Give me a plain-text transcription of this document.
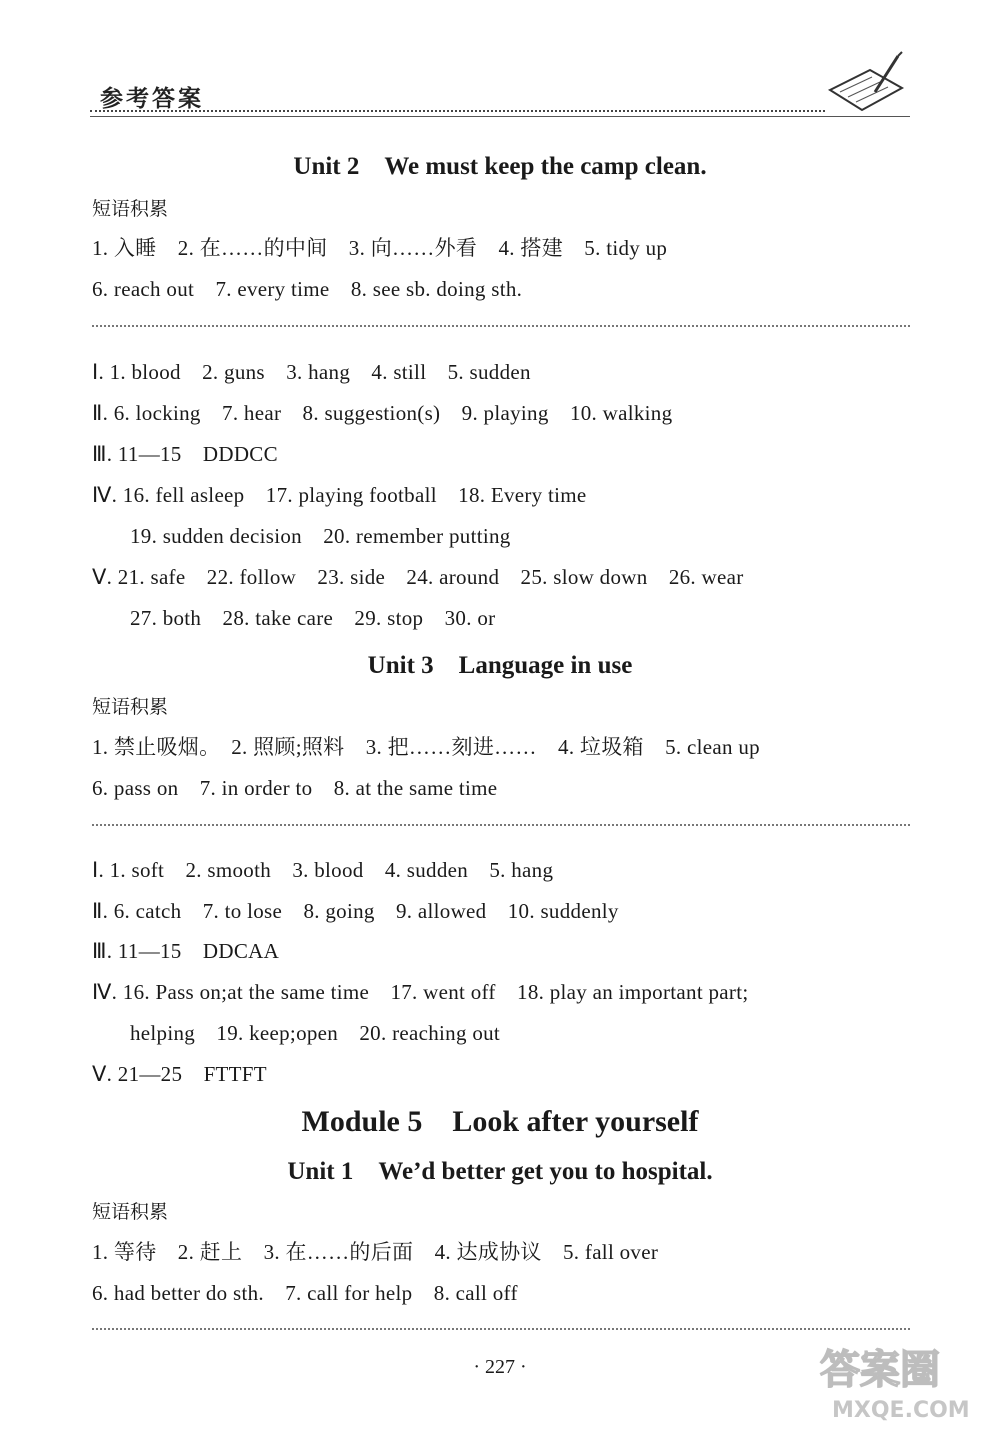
参考答案
Unit 2　We must keep the camp clean.
短语积累
1. 入睡　2. 在……的中间　3. 向……外看　4. 搭建　5. tidy up
6. reach out　7. every time　8. see sb. doing sth.
Ⅰ. 1. blood　2. guns　3. hang　4. still　5. sudden
Ⅱ. 6. locking　7. hear　8. suggestion(s)　9. playing　10. walking
Ⅲ. 11—15　DDDCC
Ⅳ. 16. fell asleep　17. playing football　18. Every time
19. sudden decision　20. remember putting
Ⅴ. 21. safe　22. follow　23. side　24. around　25. slow down　26. wear
27. both　28. take care　29. stop　30. or
Unit 3　Language in use
短语积累
1. 禁止吸烟。　2. 照顾;照料　3. 把……刻进……　4. 垃圾箱　5. clean up
6. pass on　7. in order to　8. at the same time
Ⅰ. 1. soft　2. smooth　3. blood　4. sudden　5. hang
Ⅱ. 6. catch　7. to lose　8. going　9. allowed　10. suddenly
Ⅲ. 11—15　DDCAA
Ⅳ. 16. Pass on;at the same time　17. went off　18. play an important part;
helping　19. keep;open　20. reaching out
Ⅴ. 21—25　FTTFT
Module 5　Look after yourself
Unit 1　We’d better get you to hospital.
短语积累
1. 等待　2. 赶上　3. 在……的后面　4. 达成协议　5. fall over
6. had better do sth.　7. call for help　8. call off
· 227 ·	答案圈
MXQE.COM
